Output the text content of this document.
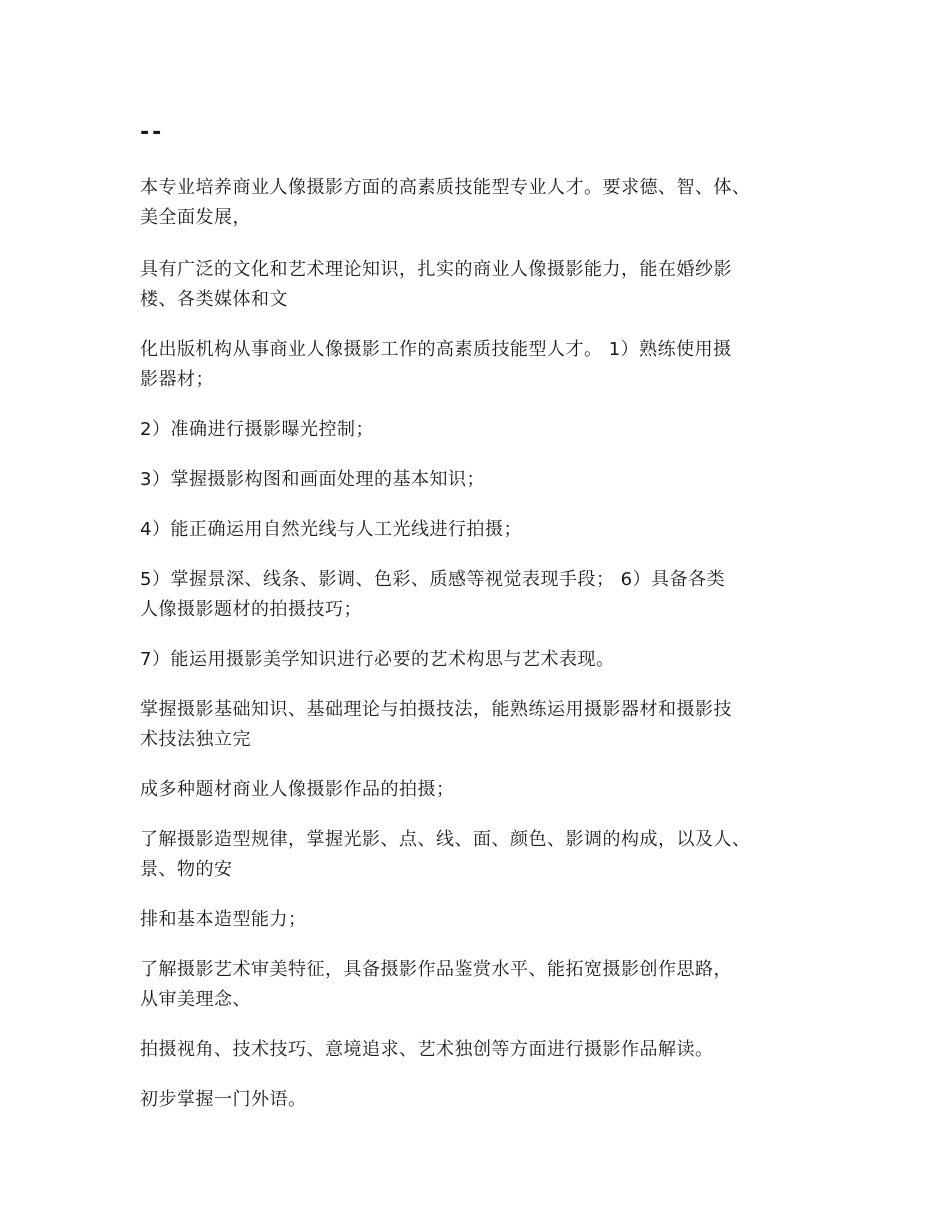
--

本专业培养商业人像摄影方面的高素质技能型专业人才。要求德、智、体、
美全面发展，

具有广泛的文化和艺术理论知识，扎实的商业人像摄影能力，能在婚纱影
楼、各类媒体和文

化出版机构从事商业人像摄影工作的高素质技能型人才。 1）熟练使用摄
影器材；

2）准确进行摄影曝光控制；

3）掌握摄影构图和画面处理的基本知识；

4）能正确运用自然光线与人工光线进行拍摄；

5）掌握景深、线条、影调、色彩、质感等视觉表现手段； 6）具备各类
人像摄影题材的拍摄技巧；

7）能运用摄影美学知识进行必要的艺术构思与艺术表现。

掌握摄影基础知识、基础理论与拍摄技法，能熟练运用摄影器材和摄影技
术技法独立完

成多种题材商业人像摄影作品的拍摄；

了解摄影造型规律，掌握光影、点、线、面、颜色、影调的构成，以及人、
景、物的安

排和基本造型能力；

了解摄影艺术审美特征，具备摄影作品鉴赏水平、能拓宽摄影创作思路，
从审美理念、

拍摄视角、技术技巧、意境追求、艺术独创等方面进行摄影作品解读。

初步掌握一门外语。
